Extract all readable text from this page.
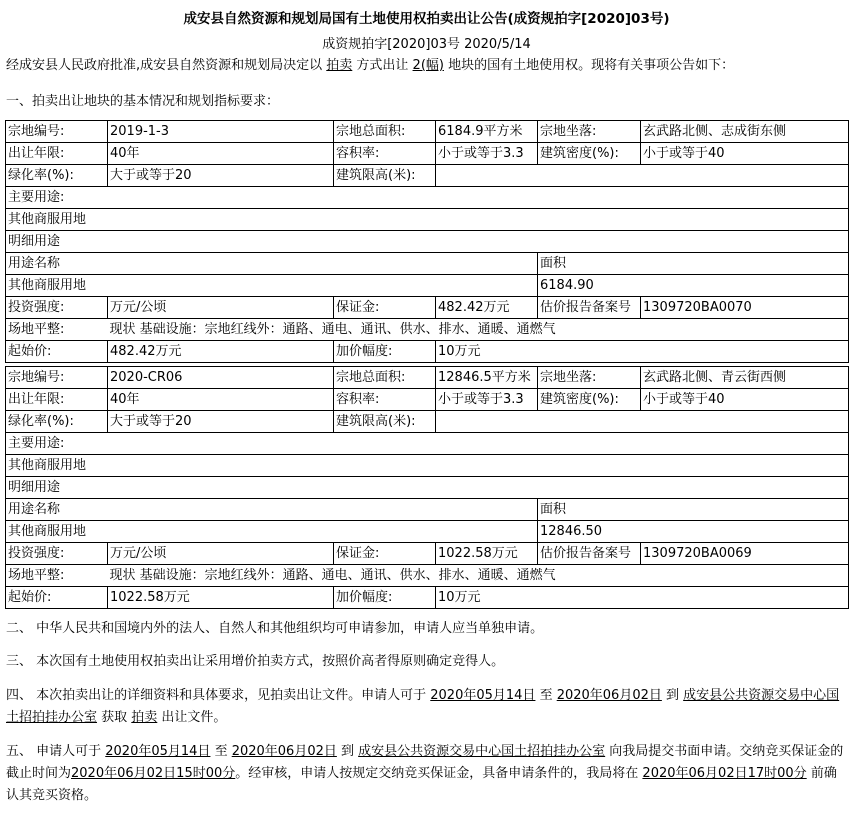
成安县自然资源和规划局国有土地使用权拍卖出让公告(成资规拍字[2020]03号)
成资规拍字[2020]03号 2020/5/14
经成安县人民政府批准,成安县自然资源和规划局决定以 拍卖 方式出让 2(幅) 地块的国有土地使用权。现将有关事项公告如下：
一、拍卖出让地块的基本情况和规划指标要求：
宗地编号:	2019-1-3	宗地总面积:	6184.9平方米	宗地坐落:	玄武路北侧、志成街东侧
出让年限:	40年	容积率:	小于或等于3.3	建筑密度(%):	小于或等于40
绿化率(%):	大于或等于20	建筑限高(米):			
主要用途:					
其他商服用地					
明细用途					
用途名称				面积	
其他商服用地				6184.90	
投资强度:	万元/公顷	保证金:	482.42万元	估价报告备案号	1309720BA0070
场地平整:	现状 基础设施：宗地红线外：通路、通电、通讯、供水、排水、通暖、通燃气				
起始价:	482.42万元	加价幅度:	10万元		
宗地编号:	2020-CR06	宗地总面积:	12846.5平方米	宗地坐落:	玄武路北侧、青云街西侧
出让年限:	40年	容积率:	小于或等于3.3	建筑密度(%):	小于或等于40
绿化率(%):	大于或等于20	建筑限高(米):			
主要用途:					
其他商服用地					
明细用途					
用途名称				面积	
其他商服用地				12846.50	
投资强度:	万元/公顷	保证金:	1022.58万元	估价报告备案号	1309720BA0069
场地平整:	现状 基础设施：宗地红线外：通路、通电、通讯、供水、排水、通暖、通燃气				
起始价:	1022.58万元	加价幅度:	10万元		
二、 中华人民共和国境内外的法人、自然人和其他组织均可申请参加，申请人应当单独申请。
三、 本次国有土地使用权拍卖出让采用增价拍卖方式，按照价高者得原则确定竞得人。
四、 本次拍卖出让的详细资料和具体要求，见拍卖出让文件。申请人可于 2020年05月14日 至 2020年06月02日 到 成安县公共资源交易中心国土招拍挂办公室 获取 拍卖 出让文件。
五、 申请人可于 2020年05月14日 至 2020年06月02日 到 成安县公共资源交易中心国土招拍挂办公室 向我局提交书面申请。交纳竞买保证金的截止时间为2020年06月02日15时00分。经审核，申请人按规定交纳竞买保证金，具备申请条件的，我局将在 2020年06月02日17时00分 前确认其竞买资格。
